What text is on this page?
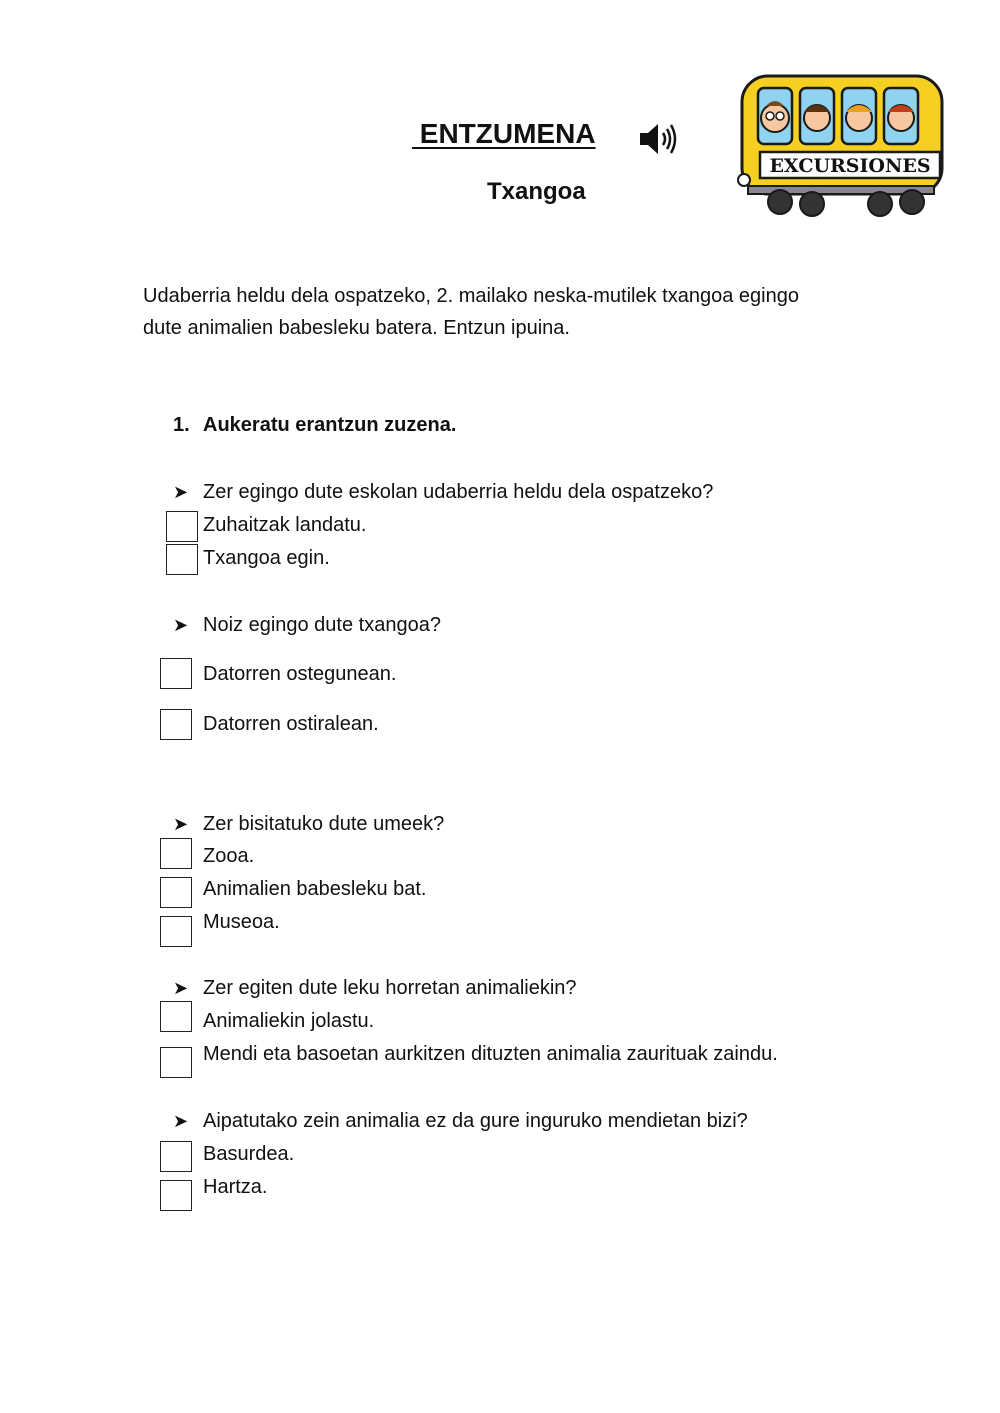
ENTZUMENA
Txangoa
EXCURSIONES
Udaberria heldu dela ospatzeko, 2. mailako neska-mutilek txangoa egingo
dute animalien babesleku batera. Entzun ipuina.
1. Aukeratu erantzun zuzena.
➤ Zer egingo dute eskolan udaberria heldu dela ospatzeko?
Zuhaitzak landatu.
Txangoa egin.
➤ Noiz egingo dute txangoa?
Datorren ostegunean.
Datorren ostiralean.
➤ Zer bisitatuko dute umeek?
Zooa.
Animalien babesleku bat.
Museoa.
➤ Zer egiten dute leku horretan animaliekin?
Animaliekin jolastu.
Mendi eta basoetan aurkitzen dituzten animalia zaurituak zaindu.
➤ Aipatutako zein animalia ez da gure inguruko mendietan bizi?
Basurdea.
Hartza.
